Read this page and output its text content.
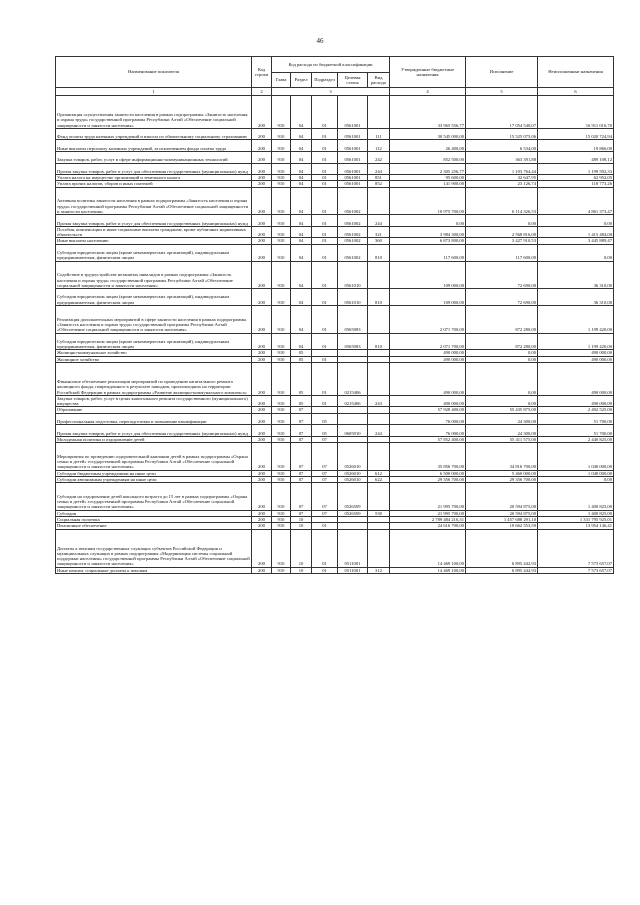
46
Наименование показателя	Код строки	Код расхода по бюджетной классификации					Утвержденные бюджетные назначения	Исполнение	Неисполненные назначения
		Глава	Раздел	Подраздел	Целевая статья	Вид расхода			
1	2	3					4	5	6
Организация осуществления занятости населения в рамках подпрограммы «Занятость населения и охрана труда» государственной программы Республики Алтай «Обеспечение социальной защищенности и занятости населения»	200	910	04	01	0561001		33 965 556,77	17 054 540,07	16 911 016,70
Фонд оплаты труда казенных учреждений и взносы по обязательному социальному страхованию	200	910	04	01	0561001	111	30 545 000,00	15 525 075,06	15 020 724,94
Иные выплаты персоналу казенных учреждений, за исключением фонда оплаты труда	200	910	04	01	0561001	112	26 400,00	6 534,00	19 866,00
Закупка товаров, работ, услуг в сфере информационно-коммуникационных технологий	200	910	04	01	0561001	242	852 500,00	363 391,88	489 108,12
Прочая закупка товаров, работ и услуг для обеспечения государственных (муниципальных) нужд	200	910	04	01	0561001	244	2 305 256,77	1 103 764,44	1 199 592,33
Уплата налога на имущество организаций и земельного налога	200	910	04	01	0561001	851	95 600,00	32 647,95	62 952,05
Уплата прочих налогов, сборов и иных платежей	200	910	04	01	0561001	852	141 900,00	23 126,74	118 773,26
Активная политика занятости населения в рамках подпрограммы «Занятость населения и охрана труда» государственной программы Республики Алтай «Обеспечение социальной защищенности и занятости населения»	200	910	04	01	0561002		10 975 700,00	6 114 326,53	4 861 373,47
Прочая закупка товаров, работ и услуг для обеспечения государственных (муниципальных) нужд	200	910	04	01	0561002	244	0,00	0,00	0,00
Пособия, компенсации и иные социальные выплаты гражданам, кроме публичных нормативных обязательств	200	910	04	01	0561002	321	3 984 300,00	2 568 816,00	1 415 484,00
Иные выплаты населению	200	910	04	01	0561002	360	6 873 800,00	3 427 910,53	3 445 889,47
Субсидии юридическим лицам (кроме некоммерческих организаций), индивидуальным предпринимателям, физическим лицам	200	910	04	01	0561002	810	117 600,00	117 600,00	0,00
Содействие в трудоустройстве незанятых инвалидов в рамках подпрограммы «Занятость населения и охрана труда» государственной программы Республики Алтай «Обеспечение социальной защищенности и занятости населения»	200	910	04	01	0561010		109 000,00	72 690,00	36 310,00
Субсидии юридическим лицам (кроме некоммерческих организаций), индивидуальным предпринимателям, физическим лицам	200	910	04	01	0561010	810	109 000,00	72 690,00	36 310,00
Реализация дополнительных мероприятий в сфере занятости населения в рамках подпрограммы «Занятость населения и охрана труда» государственной программы Республики Алтай «Обеспечение социальной защищенности и занятости населения»	200	910	04	01	0565083		2 071 700,00	872 280,00	1 199 420,00
Субсидии юридическим лицам (кроме некоммерческих организаций), индивидуальным предпринимателям, физическим лицам	200	910	04	01	0565083	810	2 071 700,00	872 280,00	1 199 420,00
Жилищно-коммунальное хозяйство	200	910	05				490 000,00	0,00	490 000,00
Жилищное хозяйство	200	910	05	01			490 000,00	0,00	490 000,00
Финансовое обеспечение реализации мероприятий по проведению капитального ремонта жилищного фонда, поврежденного в результате паводков, произошедших на территории Российской Федерации в рамках подпрограммы «Развитие жилищно-коммунального комплекса»	200	910	05	01	0215406		490 000,00	0,00	490 000,00
Закупка товаров, работ, услуг в целях капитального ремонта государственного (муниципального) имущества	200	910	05	01	0215406	243	490 000,00	0,00	490 000,00
Образование	200	910	07				57 928 400,00	55 435 875,00	2 492 525,00
Профессиональная подготовка, переподготовка и повышение квалификации	200	910	07	05			76 000,00	24 300,00	51 700,00
Прочая закупка товаров, работ и услуг для обеспечения государственных (муниципальных) нужд	200	910	07	05	0605910	244	76 000,00	24 300,00	51 700,00
Молодежная политика и оздоровление детей	200	910	07	07			57 852 400,00	55 411 575,00	2 440 825,00
Мероприятия по проведению оздоровительной кампании детей в рамках подпрограммы «Охрана семьи и детей» государственной программы Республики Алтай «Обеспечение социальной защищенности и занятости населения»	200	910	07	07	0526010		35 856 700,00	34 816 700,00	1 040 000,00
Субсидии бюджетным учреждениям на иные цели	200	910	07	07	0526010	612	6 500 000,00	5 460 000,00	1 040 000,00
Субсидии автономным учреждениям на иные цели	200	910	07	07	0526010	622	29 356 700,00	29 356 700,00	0,00
Субсидии на оздоровление детей школьного возраста до 15 лет в рамках подпрограммы «Охрана семьи и детей» государственной программы Республики Алтай «Обеспечение социальной защищенности и занятости населения»	200	910	07	07	0526509		21 995 700,00	20 594 875,00	1 400 825,00
Субсидии	200	910	07	07	0526509	530	21 995 700,00	20 594 875,00	1 400 825,00
Социальная политика	200	910	10				2 789 484 216,31	1 457 688 291,10	1 331 795 925,01
Пенсионное обеспечение	200	910	10	01			24 616 700,00	10 662 553,59	13 954 146,41
Доплаты к пенсиям государственных служащих субъектов Российской Федерации и муниципальных служащих в рамках подпрограммы «Модернизация системы социальной поддержки населения» государственной программы Республики Алтай «Обеспечение социальной защищенности и занятости населения»	200	910	10	01	0511001		14 469 100,00	6 895 442,93	7 573 657,07
Иные пенсии, социальные доплаты к пенсиям	200	910	10	01	0511001	312	14 469 100,00	6 895 442,93	7 573 657,07
